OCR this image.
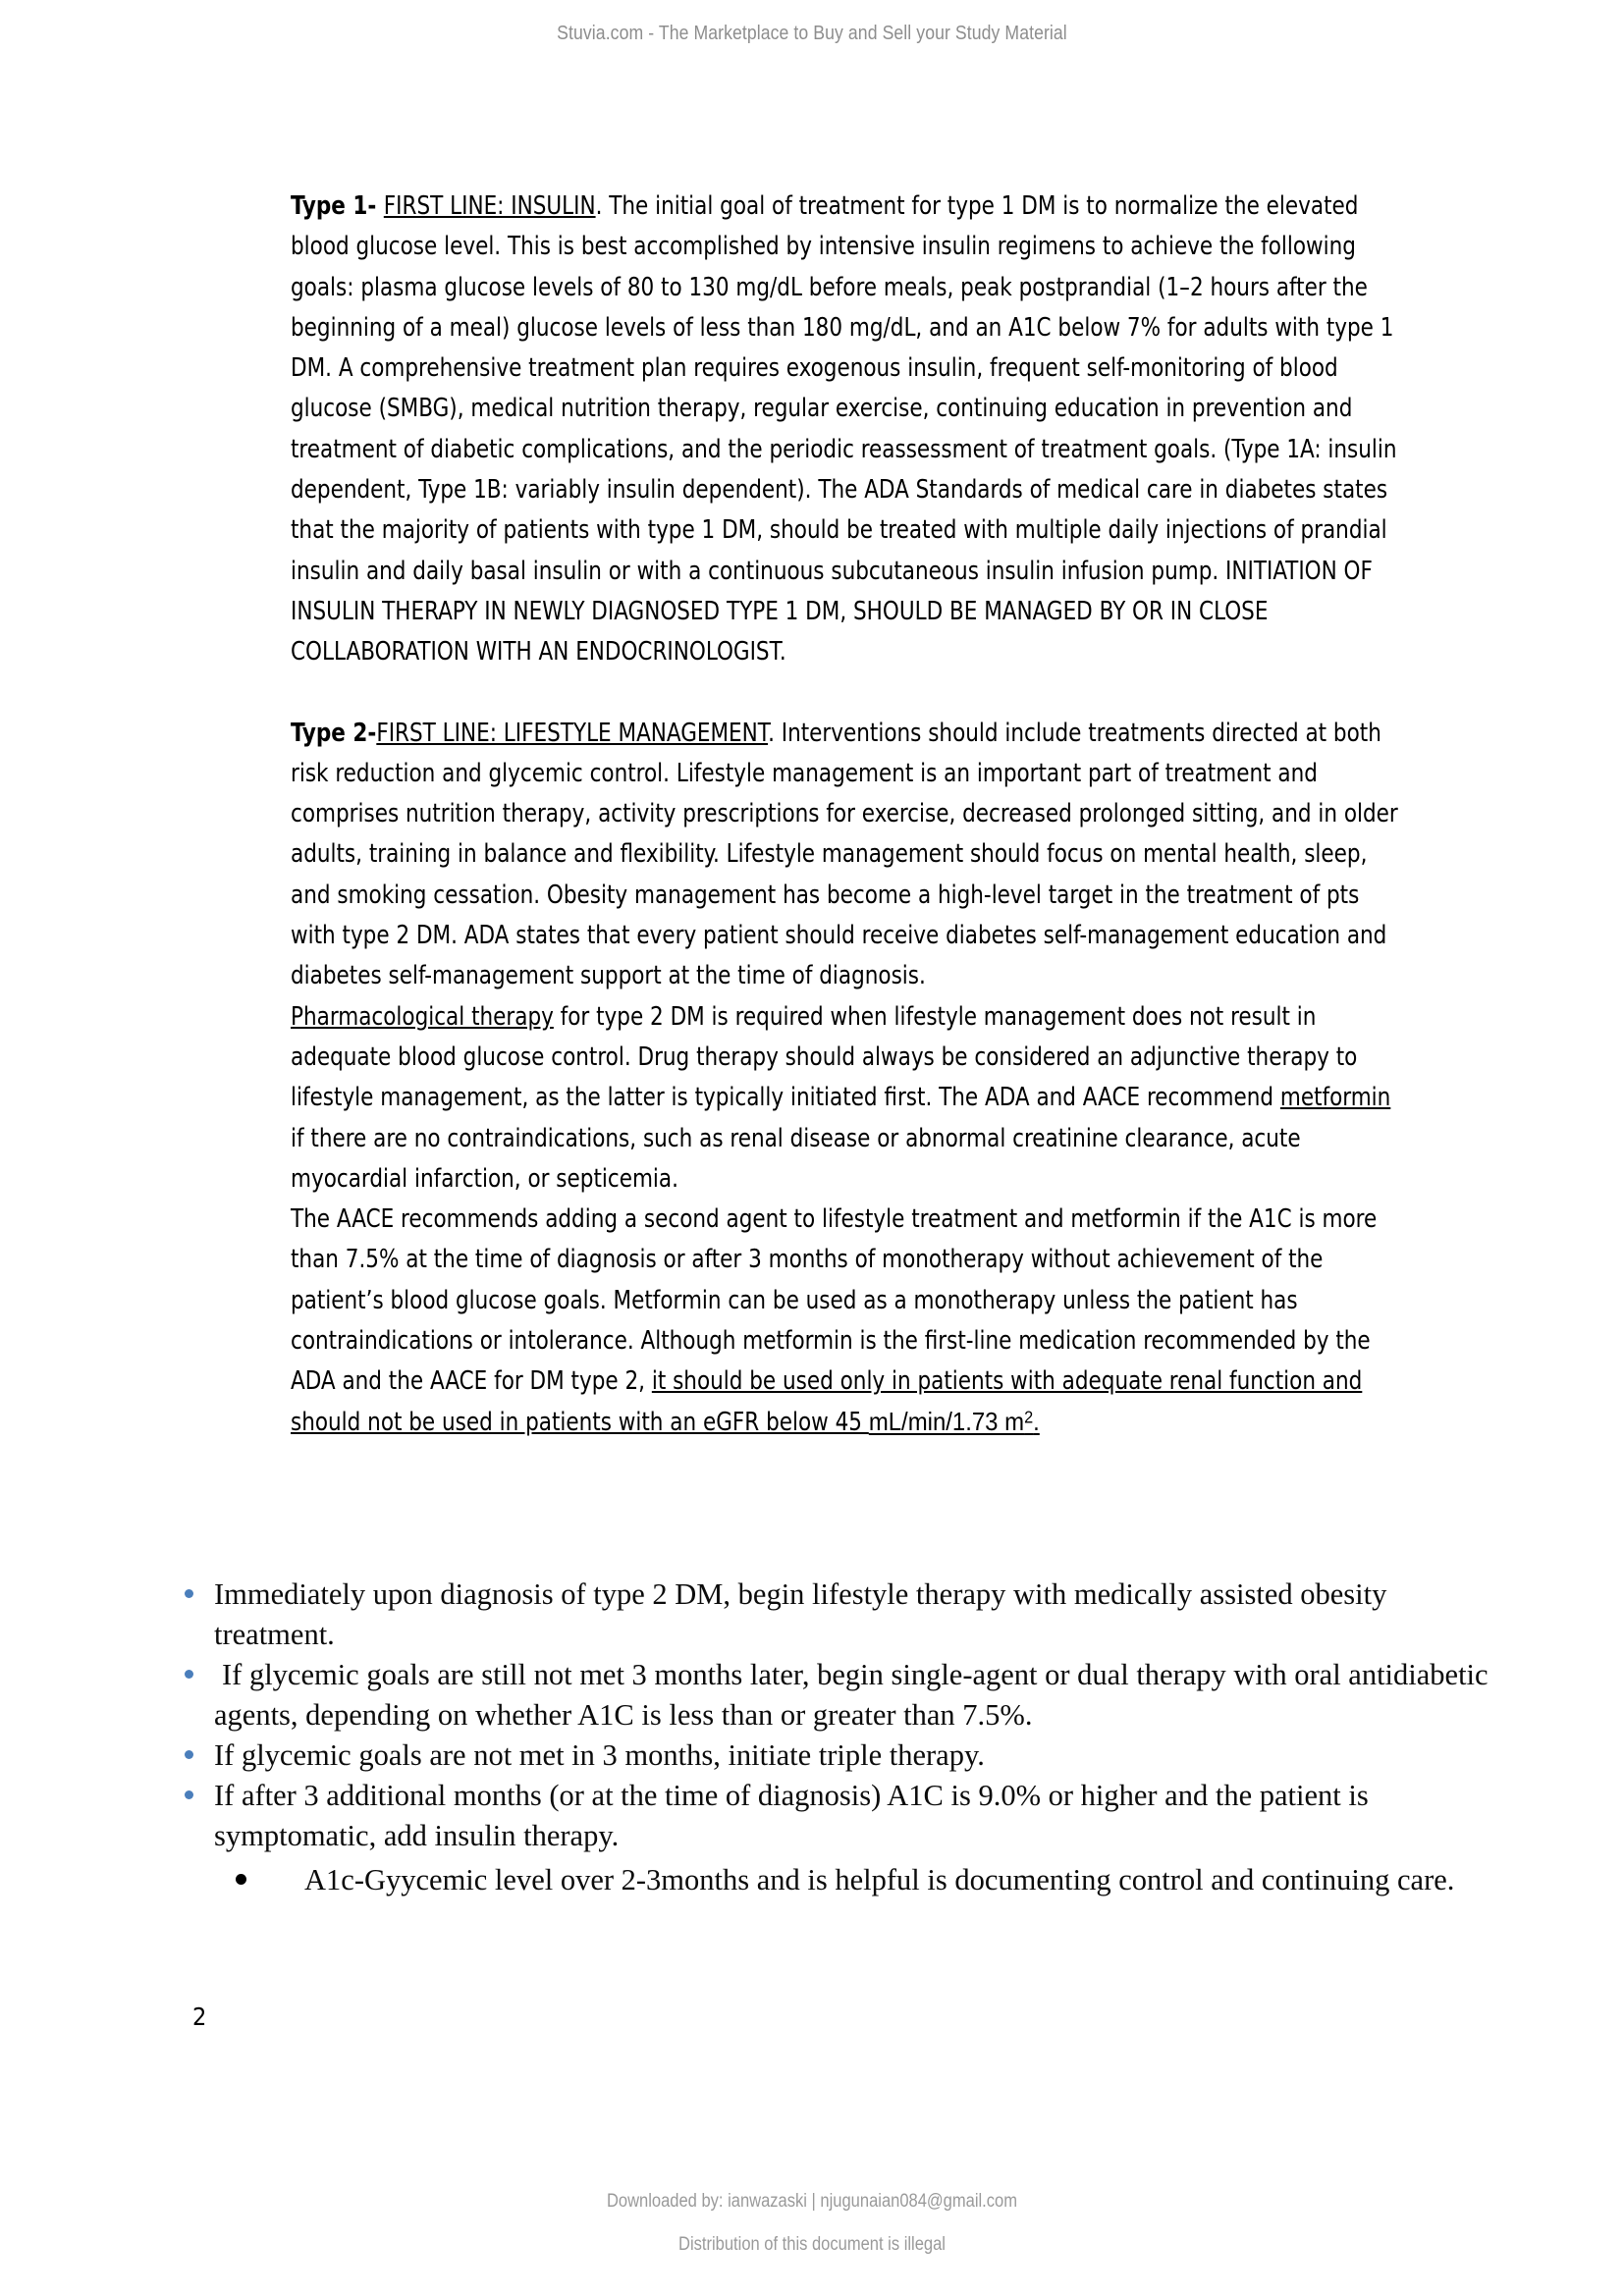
Stuvia.com - The Marketplace to Buy and Sell your Study Material

Type 1- FIRST LINE: INSULIN. The initial goal of treatment for type 1 DM is to normalize the elevated blood glucose level. This is best accomplished by intensive insulin regimens to achieve the following goals: plasma glucose levels of 80 to 130 mg/dL before meals, peak postprandial (1–2 hours after the beginning of a meal) glucose levels of less than 180 mg/dL, and an A1C below 7% for adults with type 1 DM. A comprehensive treatment plan requires exogenous insulin, frequent self-monitoring of blood glucose (SMBG), medical nutrition therapy, regular exercise, continuing education in prevention and treatment of diabetic complications, and the periodic reassessment of treatment goals. (Type 1A: insulin dependent, Type 1B: variably insulin dependent). The ADA Standards of medical care in diabetes states that the majority of patients with type 1 DM, should be treated with multiple daily injections of prandial insulin and daily basal insulin or with a continuous subcutaneous insulin infusion pump. INITIATION OF INSULIN THERAPY IN NEWLY DIAGNOSED TYPE 1 DM, SHOULD BE MANAGED BY OR IN CLOSE COLLABORATION WITH AN ENDOCRINOLOGIST.

Type 2-FIRST LINE: LIFESTYLE MANAGEMENT. Interventions should include treatments directed at both risk reduction and glycemic control. Lifestyle management is an important part of treatment and comprises nutrition therapy, activity prescriptions for exercise, decreased prolonged sitting, and in older adults, training in balance and flexibility. Lifestyle management should focus on mental health, sleep, and smoking cessation. Obesity management has become a high-level target in the treatment of pts with type 2 DM. ADA states that every patient should receive diabetes self-management education and diabetes self-management support at the time of diagnosis.

Pharmacological therapy for type 2 DM is required when lifestyle management does not result in adequate blood glucose control. Drug therapy should always be considered an adjunctive therapy to lifestyle management, as the latter is typically initiated first. The ADA and AACE recommend metformin if there are no contraindications, such as renal disease or abnormal creatinine clearance, acute myocardial infarction, or septicemia.

The AACE recommends adding a second agent to lifestyle treatment and metformin if the A1C is more than 7.5% at the time of diagnosis or after 3 months of monotherapy without achievement of the patient’s blood glucose goals. Metformin can be used as a monotherapy unless the patient has contraindications or intolerance. Although metformin is the first-line medication recommended by the ADA and the AACE for DM type 2, it should be used only in patients with adequate renal function and should not be used in patients with an eGFR below 45 mL/min/1.73 $m^2$.

Immediately upon diagnosis of type 2 DM, begin lifestyle therapy with medically assisted obesity treatment.
If glycemic goals are still not met 3 months later, begin single-agent or dual therapy with oral antidiabetic agents, depending on whether A1C is less than or greater than 7.5%.
If glycemic goals are not met in 3 months, initiate triple therapy.
If after 3 additional months (or at the time of diagnosis) A1C is 9.0% or higher and the patient is symptomatic, add insulin therapy.
A1c-Gyycemic level over 2-3months and is helpful is documenting control and continuing care.
2
Downloaded by: ianwazaski | njugunaian084@gmail.com
Distribution of this document is illegal
